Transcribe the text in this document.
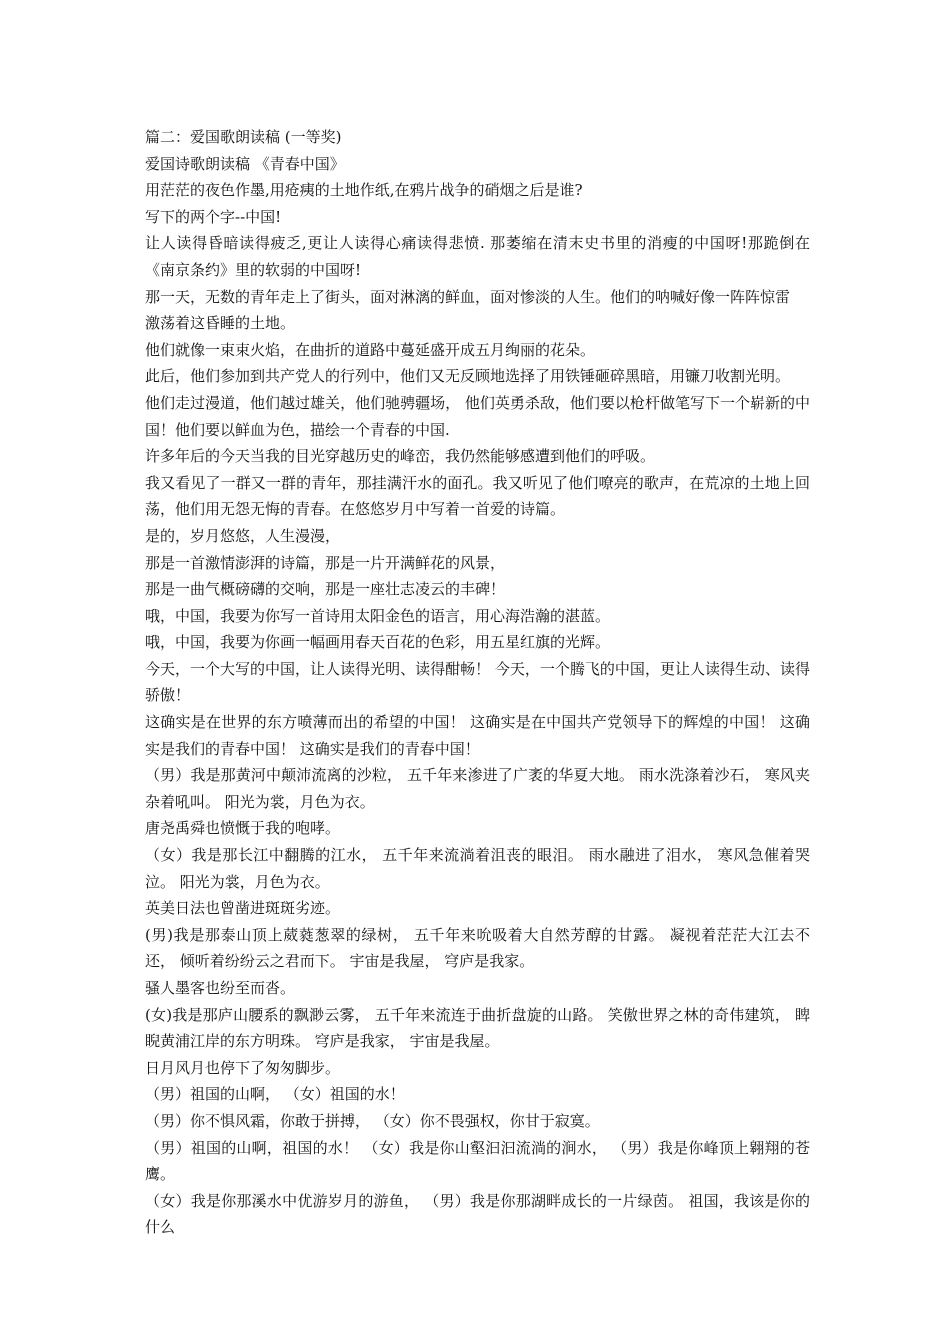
篇二：爱国歌朗读稿 (一等奖)

爱国诗歌朗读稿 《青春中国》

用茫茫的夜色作墨,用疮痍的土地作纸,在鸦片战争的硝烟之后是谁?

写下的两个字--中国!

让人读得昏暗读得疲乏,更让人读得心痛读得悲愤. 那萎缩在清末史书里的消瘦的中国呀!那跪倒在《南京条约》里的软弱的中国呀!

那一天，无数的青年走上了街头，面对淋漓的鲜血，面对惨淡的人生。他们的呐喊好像一阵阵惊雷

激荡着这昏睡的土地。

他们就像一束束火焰，在曲折的道路中蔓延盛开成五月绚丽的花朵。

此后，他们参加到共产党人的行列中，他们又无反顾地选择了用铁锤砸碎黑暗，用镰刀收割光明。

他们走过漫道，他们越过雄关，他们驰骋疆场， 他们英勇杀敌，他们要以枪杆做笔写下一个崭新的中国！他们要以鲜血为色，描绘一个青春的中国.

许多年后的今天当我的目光穿越历史的峰峦，我仍然能够感遭到他们的呼吸。

我又看见了一群又一群的青年，那挂满汗水的面孔。我又听见了他们嘹亮的歌声，在荒凉的土地上回荡，他们用无怨无悔的青春。在悠悠岁月中写着一首爱的诗篇。

是的，岁月悠悠，人生漫漫，

那是一首激情澎湃的诗篇，那是一片开满鲜花的风景，

那是一曲气概磅礴的交响，那是一座壮志凌云的丰碑！

哦，中国，我要为你写一首诗用太阳金色的语言，用心海浩瀚的湛蓝。

哦，中国，我要为你画一幅画用春天百花的色彩，用五星红旗的光辉。

今天，一个大写的中国，让人读得光明、读得酣畅！ 今天，一个腾飞的中国，更让人读得生动、读得骄傲！

这确实是在世界的东方喷薄而出的希望的中国！ 这确实是在中国共产党领导下的辉煌的中国！ 这确实是我们的青春中国！ 这确实是我们的青春中国！

（男）我是那黄河中颠沛流离的沙粒， 五千年来渗进了广袤的华夏大地。 雨水洗涤着沙石， 寒风夹杂着吼叫。 阳光为裳，月色为衣。

唐尧禹舜也愤慨于我的咆哮。

（女）我是那长江中翻腾的江水， 五千年来流淌着沮丧的眼泪。 雨水融进了泪水， 寒风急催着哭泣。 阳光为裳，月色为衣。

英美日法也曾凿进斑斑劣迹。

(男)我是那泰山顶上葳蕤葱翠的绿树， 五千年来吮吸着大自然芳醇的甘露。 凝视着茫茫大江去不还， 倾听着纷纷云之君而下。 宇宙是我屋， 穹庐是我家。

骚人墨客也纷至而沓。

(女)我是那庐山腰系的飘渺云雾， 五千年来流连于曲折盘旋的山路。 笑傲世界之林的奇伟建筑， 睥睨黄浦江岸的东方明珠。 穹庐是我家， 宇宙是我屋。

日月风月也停下了匆匆脚步。

（男）祖国的山啊， （女）祖国的水！

（男）你不惧风霜，你敢于拼搏， （女）你不畏强权，你甘于寂寞。

（男）祖国的山啊，祖国的水！ （女）我是你山壑汩汩流淌的涧水， （男）我是你峰顶上翱翔的苍鹰。

（女）我是你那溪水中优游岁月的游鱼， （男）我是你那湖畔成长的一片绿茵。 祖国，我该是你的什么
